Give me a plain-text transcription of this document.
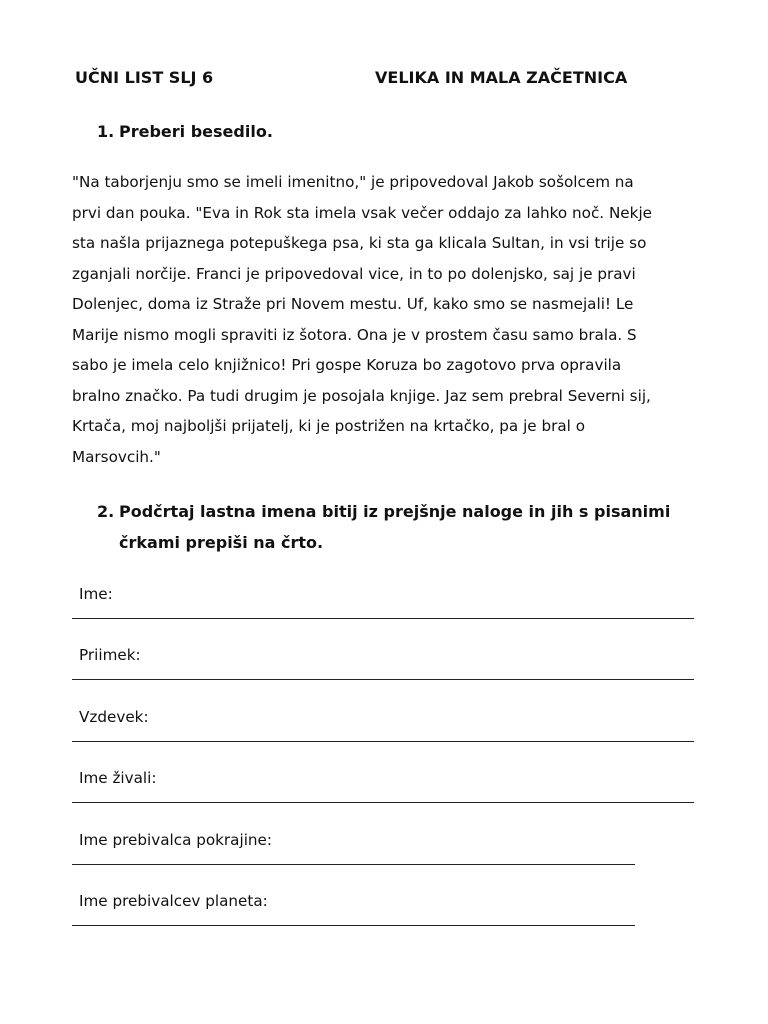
UČNI LIST SLJ 6	VELIKA IN MALA ZAČETNICA
1. Preberi besedilo.
"Na taborjenju smo se imeli imenitno," je pripovedoval Jakob sošolcem na
prvi dan pouka. "Eva in Rok sta imela vsak večer oddajo za lahko noč. Nekje
sta našla prijaznega potepuškega psa, ki sta ga klicala Sultan, in vsi trije so
zganjali norčije. Franci je pripovedoval vice, in to po dolenjsko, saj je pravi
Dolenjec, doma iz Straže pri Novem mestu. Uf, kako smo se nasmejali! Le
Marije nismo mogli spraviti iz šotora. Ona je v prostem času samo brala. S
sabo je imela celo knjižnico! Pri gospe Koruza bo zagotovo prva opravila
bralno značko. Pa tudi drugim je posojala knjige. Jaz sem prebral Severni sij,
Krtača, moj najboljši prijatelj, ki je postrižen na krtačko, pa je bral o
Marsovcih."
2. Podčrtaj lastna imena bitij iz prejšnje naloge in jih s pisanimi
črkami prepiši na črto.
Ime:
Priimek:
Vzdevek:
Ime živali:
Ime prebivalca pokrajine:
Ime prebivalcev planeta:
